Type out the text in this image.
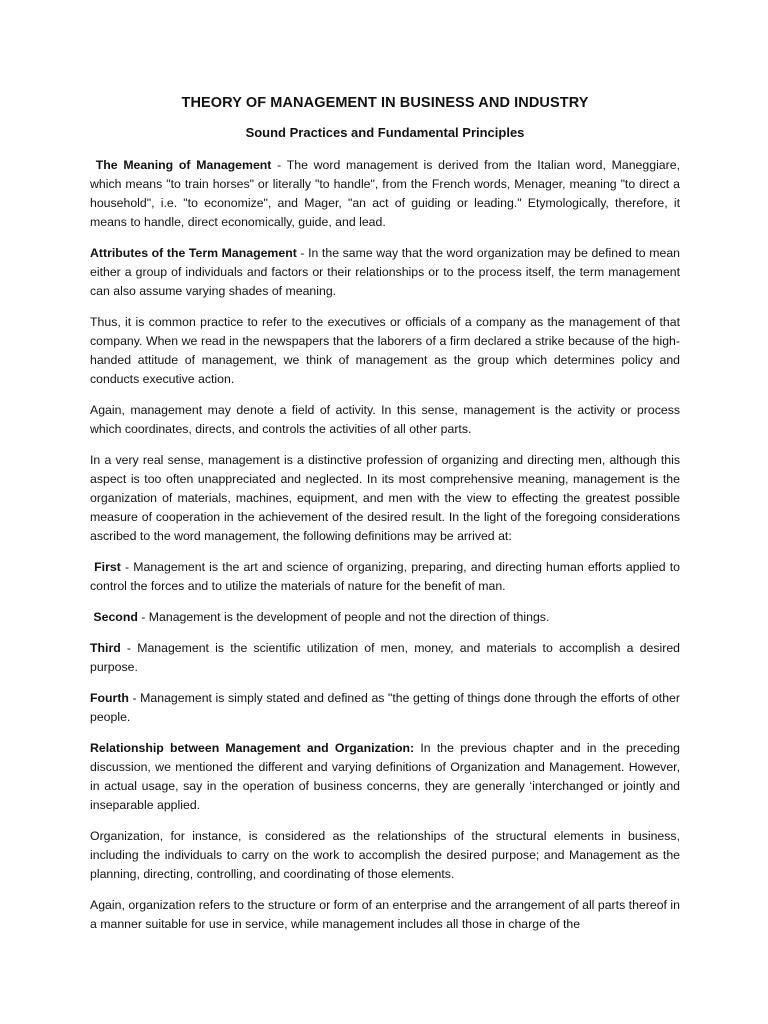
THEORY OF MANAGEMENT IN BUSINESS AND INDUSTRY
Sound Practices and Fundamental Principles

The Meaning of Management - The word management is derived from the Italian word, Maneggiare, which means "to train horses" or literally "to handle", from the French words, Menager, meaning "to direct a household", i.e. "to economize", and Mager, "an act of guiding or leading." Etymologically, therefore, it means to handle, direct economically, guide, and lead.

Attributes of the Term Management - In the same way that the word organization may be defined to mean either a group of individuals and factors or their relationships or to the process itself, the term management can also assume varying shades of meaning.

Thus, it is common practice to refer to the executives or officials of a company as the management of that company. When we read in the newspapers that the laborers of a firm declared a strike because of the high-handed attitude of management, we think of management as the group which determines policy and conducts executive action.

Again, management may denote a field of activity. In this sense, management is the activity or process which coordinates, directs, and controls the activities of all other parts.

In a very real sense, management is a distinctive profession of organizing and directing men, although this aspect is too often unappreciated and neglected. In its most comprehensive meaning, management is the organization of materials, machines, equipment, and men with the view to effecting the greatest possible measure of cooperation in the achievement of the desired result. In the light of the foregoing considerations ascribed to the word management, the following definitions may be arrived at:

First - Management is the art and science of organizing, preparing, and directing human efforts applied to control the forces and to utilize the materials of nature for the benefit of man.

Second - Management is the development of people and not the direction of things.

Third - Management is the scientific utilization of men, money, and materials to accomplish a desired purpose.

Fourth - Management is simply stated and defined as "the getting of things done through the efforts of other people.

Relationship between Management and Organization: In the previous chapter and in the preceding discussion, we mentioned the different and varying definitions of Organization and Management. However, in actual usage, say in the operation of business concerns, they are generally ‘interchanged or jointly and inseparable applied.

Organization, for instance, is considered as the relationships of the structural elements in business, including the individuals to carry on the work to accomplish the desired purpose; and Management as the planning, directing, controlling, and coordinating of those elements.

Again, organization refers to the structure or form of an enterprise and the arrangement of all parts thereof in a manner suitable for use in service, while management includes all those in charge of the
